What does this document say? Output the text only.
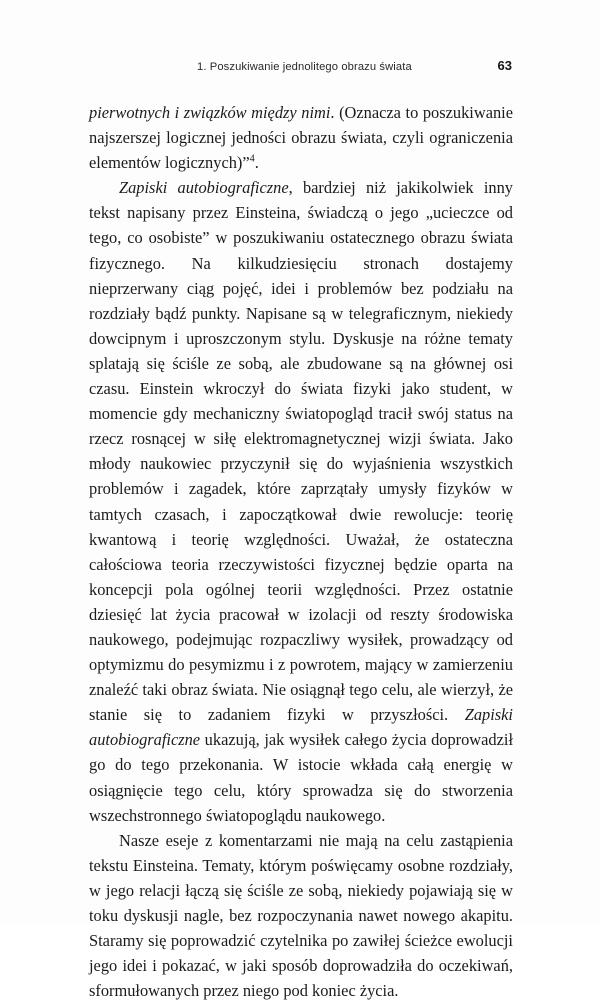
1. Poszukiwanie jednolitego obrazu świata	63

pierwotnych i związków między nimi. (Oznacza to poszukiwanie najszerszej logicznej jedności obrazu świata, czyli ograniczenia elementów logicznych)”$^4$.

Zapiski autobiograficzne, bardziej niż jakikolwiek inny tekst napisany przez Einsteina, świadczą o jego „ucieczce od tego, co osobiste” w poszukiwaniu ostatecznego obrazu świata fizycznego. Na kilkudziesięciu stronach dostajemy nieprzerwany ciąg pojęć, idei i problemów bez podziału na rozdziały bądź punkty. Napisane są w telegraficznym, niekiedy dowcipnym i uproszczonym stylu. Dyskusje na różne tematy splatają się ściśle ze sobą, ale zbudowane są na głównej osi czasu. Einstein wkroczył do świata fizyki jako student, w momencie gdy mechaniczny światopogląd tracił swój status na rzecz rosnącej w siłę elektromagnetycznej wizji świata. Jako młody naukowiec przyczynił się do wyjaśnienia wszystkich problemów i zagadek, które zaprzątały umysły fizyków w tamtych czasach, i zapoczątkował dwie rewolucje: teorię kwantową i teorię względności. Uważał, że ostateczna całościowa teoria rzeczywistości fizycznej będzie oparta na koncepcji pola ogólnej teorii względności. Przez ostatnie dziesięć lat życia pracował w izolacji od reszty środowiska naukowego, podejmując rozpaczliwy wysiłek, prowadzący od optymizmu do pesymizmu i z powrotem, mający w zamierzeniu znaleźć taki obraz świata. Nie osiągnął tego celu, ale wierzył, że stanie się to zadaniem fizyki w przyszłości. Zapiski autobiograficzne ukazują, jak wysiłek całego życia doprowadził go do tego przekonania. W istocie wkłada całą energię w osiągnięcie tego celu, który sprowadza się do stworzenia wszechstronnego światopoglądu naukowego.

Nasze eseje z komentarzami nie mają na celu zastąpienia tekstu Einsteina. Tematy, którym poświęcamy osobne rozdziały, w jego relacji łączą się ściśle ze sobą, niekiedy pojawiają się w toku dyskusji nagle, bez rozpoczynania nawet nowego akapitu. Staramy się poprowadzić czytelnika po zawiłej ścieżce ewolucji jego idei i pokazać, w jaki sposób doprowadziła do oczekiwań, sformułowanych przez niego pod koniec życia.
